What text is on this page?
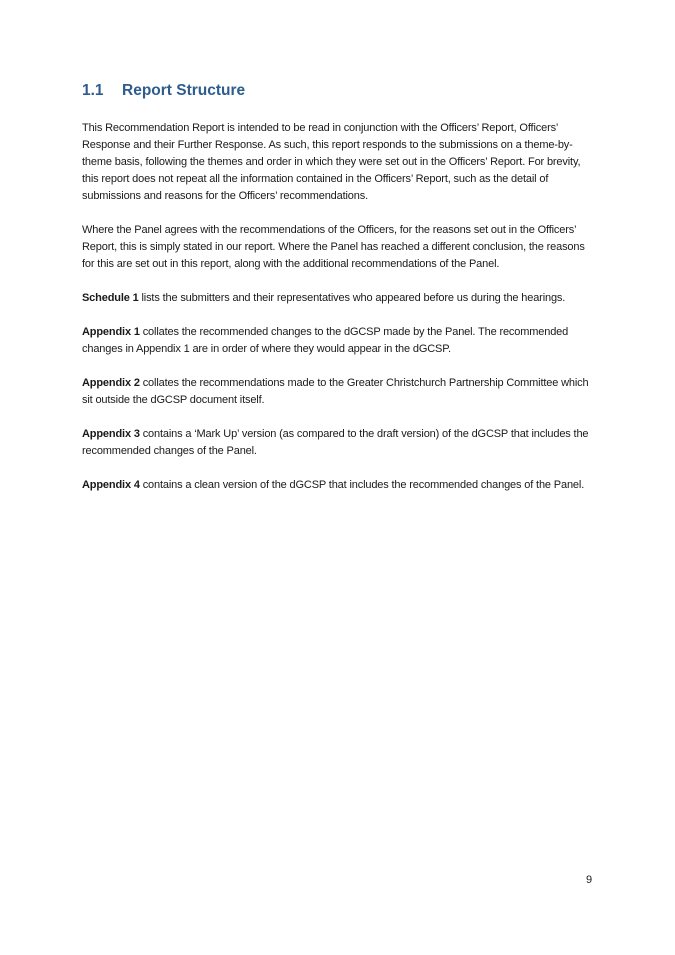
1.1 Report Structure

This Recommendation Report is intended to be read in conjunction with the Officers’ Report, Officers’ Response and their Further Response. As such, this report responds to the submissions on a theme-by-theme basis, following the themes and order in which they were set out in the Officers’ Report. For brevity, this report does not repeat all the information contained in the Officers’ Report, such as the detail of submissions and reasons for the Officers’ recommendations.

Where the Panel agrees with the recommendations of the Officers, for the reasons set out in the Officers’ Report, this is simply stated in our report. Where the Panel has reached a different conclusion, the reasons for this are set out in this report, along with the additional recommendations of the Panel.

Schedule 1 lists the submitters and their representatives who appeared before us during the hearings.

Appendix 1 collates the recommended changes to the dGCSP made by the Panel. The recommended changes in Appendix 1 are in order of where they would appear in the dGCSP.

Appendix 2 collates the recommendations made to the Greater Christchurch Partnership Committee which sit outside the dGCSP document itself.

Appendix 3 contains a ‘Mark Up’ version (as compared to the draft version) of the dGCSP that includes the recommended changes of the Panel.

Appendix 4 contains a clean version of the dGCSP that includes the recommended changes of the Panel.

9
